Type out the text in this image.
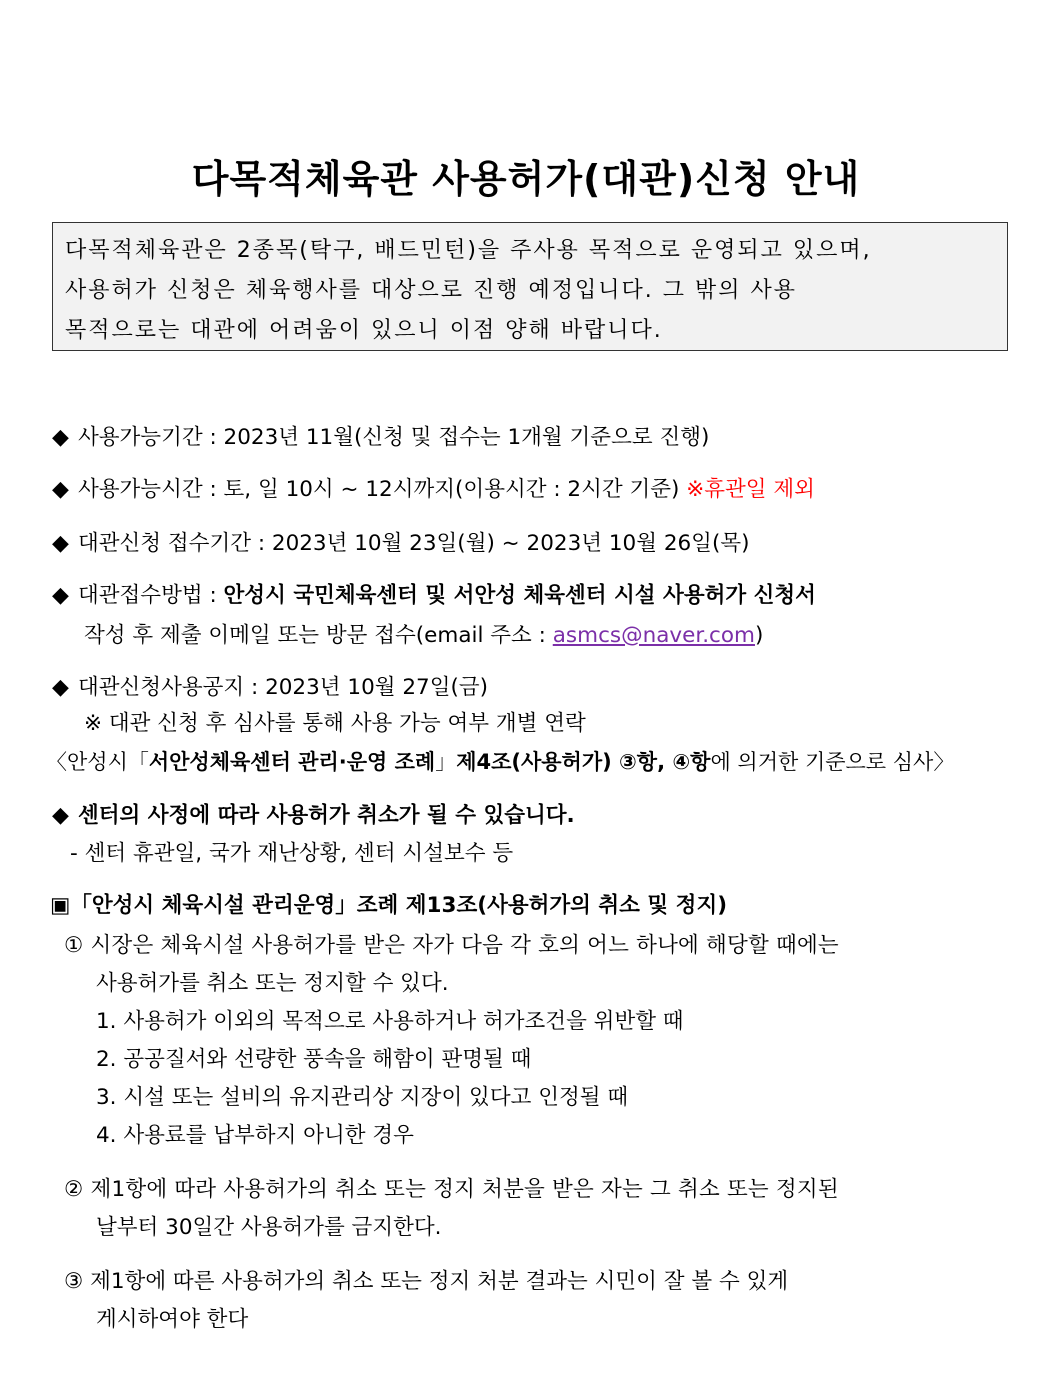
다목적체육관 사용허가(대관)신청 안내
다목적체육관은 2종목(탁구, 배드민턴)을 주사용 목적으로 운영되고 있으며,
사용허가 신청은 체육행사를 대상으로 진행 예정입니다. 그 밖의 사용
목적으로는 대관에 어려움이 있으니 이점 양해 바랍니다.
◆ 사용가능기간 : 2023년 11월(신청 및 접수는 1개월 기준으로 진행)
◆ 사용가능시간 : 토, 일 10시 ~ 12시까지(이용시간 : 2시간 기준) ※휴관일 제외
◆ 대관신청 접수기간 : 2023년 10월 23일(월) ~ 2023년 10월 26일(목)
◆ 대관접수방법 : 안성시 국민체육센터 및 서안성 체육센터 시설 사용허가 신청서
작성 후 제출 이메일 또는 방문 접수(email 주소 : asmcs@naver.com)
◆ 대관신청사용공지 : 2023년 10월 27일(금)
※ 대관 신청 후 심사를 통해 사용 가능 여부 개별 연락
〈안성시「서안성체육센터 관리·운영 조례」제4조(사용허가) ③항, ④항에 의거한 기준으로 심사〉
◆ 센터의 사정에 따라 사용허가 취소가 될 수 있습니다.
- 센터 휴관일, 국가 재난상황, 센터 시설보수 등
▣「안성시 체육시설 관리운영」조례 제13조(사용허가의 취소 및 정지)
① 시장은 체육시설 사용허가를 받은 자가 다음 각 호의 어느 하나에 해당할 때에는
사용허가를 취소 또는 정지할 수 있다.
1. 사용허가 이외의 목적으로 사용하거나 허가조건을 위반할 때
2. 공공질서와 선량한 풍속을 해함이 판명될 때
3. 시설 또는 설비의 유지관리상 지장이 있다고 인정될 때
4. 사용료를 납부하지 아니한 경우
② 제1항에 따라 사용허가의 취소 또는 정지 처분을 받은 자는 그 취소 또는 정지된
날부터 30일간 사용허가를 금지한다.
③ 제1항에 따른 사용허가의 취소 또는 정지 처분 결과는 시민이 잘 볼 수 있게
게시하여야 한다
